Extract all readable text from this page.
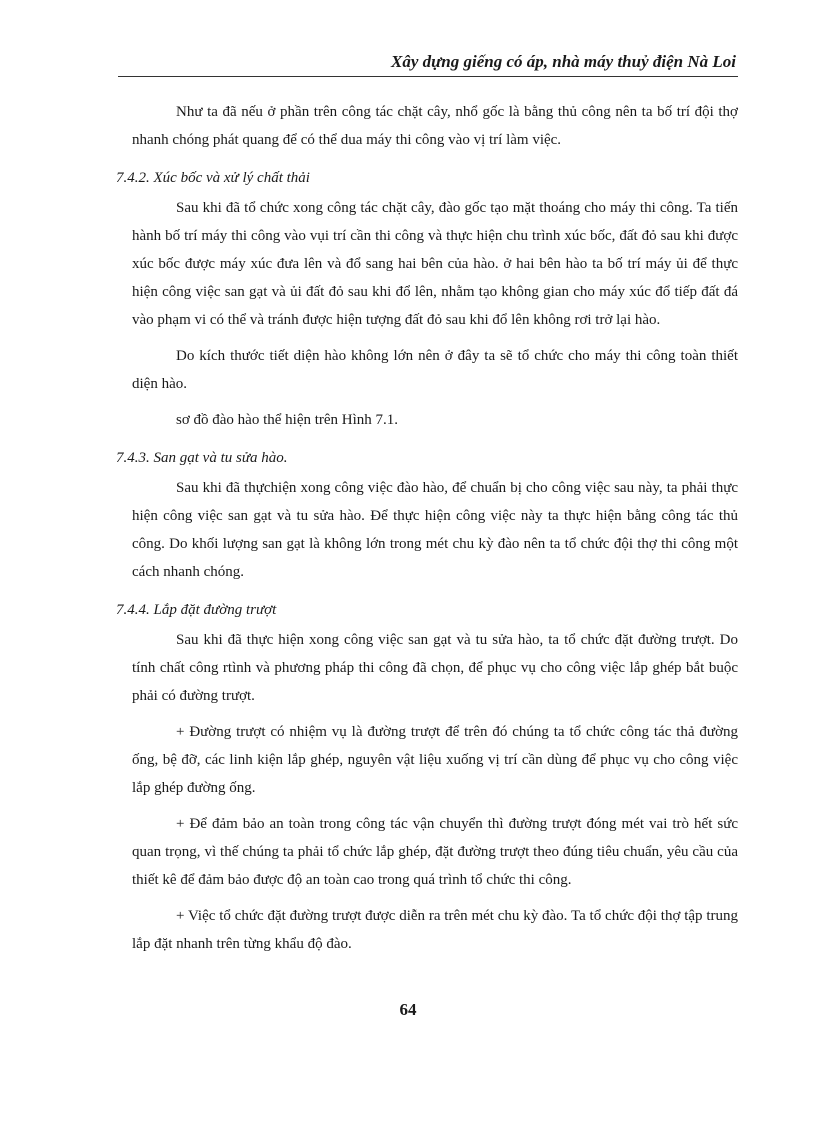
Xây dựng giếng có áp, nhà máy thuỷ điện Nà Loi

Như ta đã nếu ở phần trên công tác chặt cây, nhổ gốc là bằng thủ công nên ta bố trí đội thợ nhanh chóng phát quang để có thể dua máy thi công vào vị trí làm việc.

7.4.2. Xúc bốc và xử lý chất thải

Sau khi đã tổ chức xong công tác chặt cây, đào gốc tạo mặt thoáng cho máy thi công. Ta tiến hành bố trí máy thi công vào vụi trí cần thi công và thực hiện chu trình xúc bốc, đất đỏ sau khi được xúc bốc được máy xúc đưa lên và đổ sang hai bên của hào. ở hai bên hào ta bố trí máy ủi để thực hiện công việc san gạt và ủi đất đỏ sau khi đổ lên, nhằm tạo không gian cho máy xúc đổ tiếp đất đá vào phạm vi có thể và tránh được hiện tượng đất đỏ sau khi đổ lên không rơi trở lại hào.

Do kích thước tiết diện hào không lớn nên ở đây ta sẽ tổ chức cho máy thi công toàn thiết diện hào.

sơ đồ đào hào thể hiện trên Hình 7.1.

7.4.3. San gạt và tu sửa hào.

Sau khi đã thựchiện xong công việc đào hào, để chuẩn bị cho công việc sau này, ta phải thực hiện công việc san gạt và tu sửa hào. Để thực hiện công việc này ta thực hiện bằng công tác thủ công. Do khối lượng san gạt là không lớn trong mét chu kỳ đào nên ta tổ chức đội thợ thi công một cách nhanh chóng.

7.4.4. Lắp đặt đường trượt

Sau khi đã thực hiện xong công việc san gạt và tu sửa hào, ta tổ chức đặt đường trượt. Do tính chất công rtình và phương pháp thi công đã chọn, để phục vụ cho công việc lắp ghép bắt buộc phải có đường trượt.

+ Đường trượt có nhiệm vụ là đường trượt để trên đó chúng ta tổ chức công tác thả đường ống, bệ đỡ, các linh kiện lắp ghép, nguyên vật liệu xuống vị trí cần dùng để phục vụ cho công việc lắp ghép đường ống.

+ Để đảm bảo an toàn trong công tác vận chuyển thì đường trượt đóng mét vai trò hết sức quan trọng, vì thế chúng ta phải tổ chức lắp ghép, đặt đường trượt theo đúng tiêu chuẩn, yêu cầu của thiết kê để đảm bảo được độ an toàn cao trong quá trình tổ chức thi công.

+ Việc tổ chức đặt đường trượt được diễn ra trên mét chu kỳ đào. Ta tổ chức đội thợ tập trung lắp đặt nhanh trên từng khẩu độ đào.

64
